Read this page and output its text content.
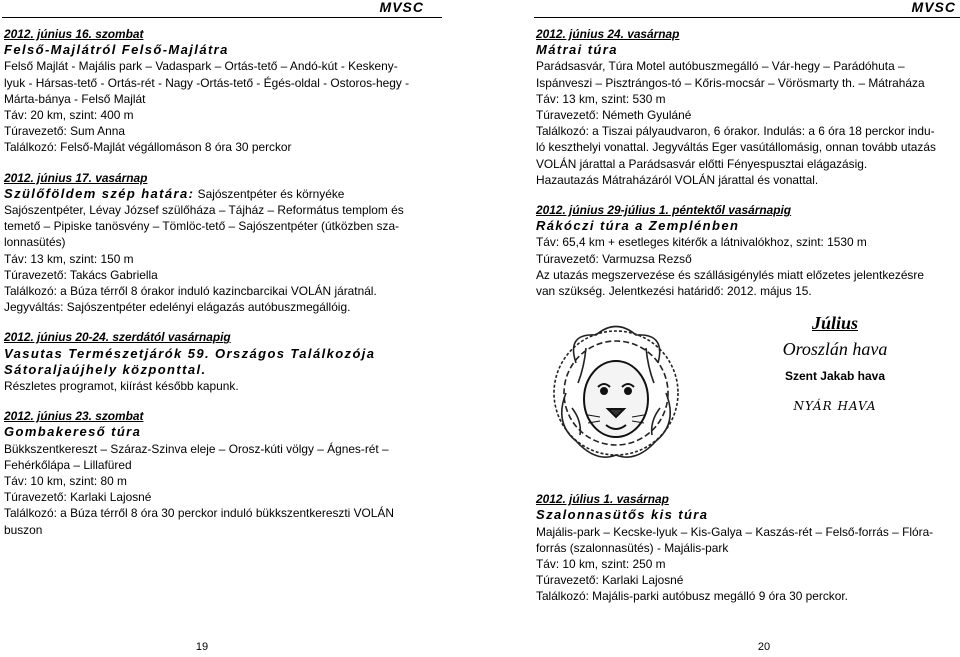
MVSC
2012. június 16. szombat
Felső-Majlátról Felső-Majlátra
Felső Majlát - Majális park – Vadaspark – Ortás-tető – Andó-kút - Keskeny-
lyuk - Hársas-tető - Ortás-rét - Nagy -Ortás-tető - Égés-oldal - Ostoros-hegy -
Márta-bánya - Felső Majlát
Táv: 20 km, szint: 400 m
Túravezető: Sum Anna
Találkozó: Felső-Majlát végállomáson 8 óra 30 perckor
2012. június 17. vasárnap
Szülőföldem szép határa: Sajószentpéter és környéke
Sajószentpéter, Lévay József szülőháza – Tájház – Református templom és
temető – Pipiske tanösvény – Tömlöc-tető – Sajószentpéter (útközben sza-
lonnasütés)
Táv: 13 km, szint: 150 m
Túravezető: Takács Gabriella
Találkozó: a Búza térről 8 órakor induló kazincbarcikai VOLÁN járatnál.
Jegyváltás: Sajószentpéter edelényi elágazás autóbuszmegállóig.
2012. június 20-24. szerdától vasárnapig
Vasutas Természetjárók 59. Országos Találkozója
Sátoraljaújhely központtal.
Részletes programot, kiírást később kapunk.
2012. június 23. szombat
Gombakereső túra
Bükkszentkereszt – Száraz-Szinva eleje – Orosz-kúti völgy – Ágnes-rét –
Fehérkőlápa – Lillafüred
Táv: 10 km, szint: 80 m
Túravezető: Karlaki Lajosné
Találkozó: a Búza térről 8 óra 30 perckor induló bükkszentkereszti VOLÁN
buszon
19
MVSC
2012. június 24. vasárnap
Mátrai túra
Parádsasvár, Túra Motel autóbuszmegálló – Vár-hegy – Parádóhuta –
Ispánveszi – Pisztrángos-tó – Kőris-mocsár – Vörösmarty th. – Mátraháza
Táv: 13 km, szint: 530 m
Túravezető: Németh Gyuláné
Találkozó: a Tiszai pályaudvaron, 6 órakor. Indulás: a 6 óra 18 perckor indu-
ló keszthelyi vonattal. Jegyváltás Eger vasútállomásig, onnan tovább utazás
VOLÁN járattal a Parádsasvár előtti Fényespusztai elágazásig.
Hazautazás Mátraházáról VOLÁN járattal és vonattal.
2012. június 29-július 1. péntektől vasárnapig
Rákóczi túra a Zemplénben
Táv: 65,4 km + esetleges kitérők a látnivalókhoz, szint: 1530 m
Túravezető: Varmuzsa Rezső
Az utazás megszervezése és szállásigénylés miatt előzetes jelentkezésre
van szükség. Jelentkezési határidő: 2012. május 15.
Július
Oroszlán hava
Szent Jakab hava
NYÁR HAVA
2012. július 1. vasárnap
Szalonnasütős kis túra
Majális-park – Kecske-lyuk – Kis-Galya – Kaszás-rét – Felső-forrás – Flóra-
forrás (szalonnasütés) - Majális-park
Táv: 10 km, szint: 250 m
Túravezető: Karlaki Lajosné
Találkozó: Majális-parki autóbusz megálló 9 óra 30 perckor.
20
